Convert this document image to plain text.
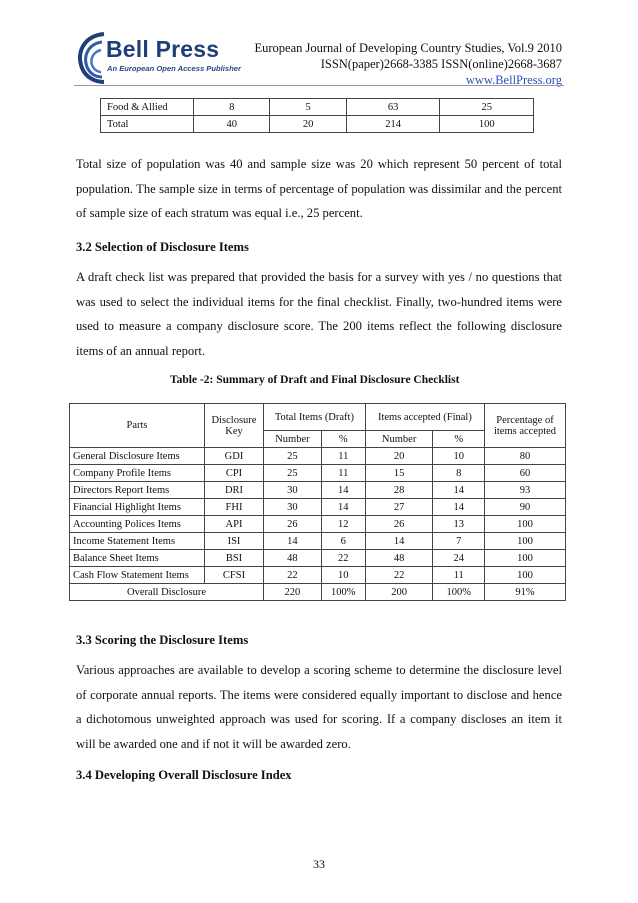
Bell Press
An European Open Access Publisher
European Journal of Developing Country Studies, Vol.9 2010
ISSN(paper)2668-3385 ISSN(online)2668-3687
www.BellPress.org
Food & Allied	8	5	63	25
Total	40	20	214	100

Total size of population was 40 and sample size was 20 which represent 50 percent of total population. The sample size in terms of percentage of population was dissimilar and the percent of sample size of each stratum was equal i.e., 25 percent.

3.2 Selection of Disclosure Items

A draft check list was prepared that provided the basis for a survey with yes / no questions that was used to select the individual items for the final checklist. Finally, two-hundred items were used to measure a company disclosure score. The 200 items reflect the following disclosure items of an annual report.

Table -2: Summary of Draft and Final Disclosure Checklist
Parts	Disclosure Key	Total Items (Draft)		Items accepted (Final)		Percentage of items accepted
		Number	%	Number	%	
General Disclosure Items	GDI	25	11	20	10	80
Company Profile Items	CPI	25	11	15	8	60
Directors Report Items	DRI	30	14	28	14	93
Financial Highlight Items	FHI	30	14	27	14	90
Accounting Polices Items	API	26	12	26	13	100
Income Statement Items	ISI	14	6	14	7	100
Balance Sheet Items	BSI	48	22	48	24	100
Cash Flow Statement Items	CFSI	22	10	22	11	100
Overall Disclosure		220	100%	200	100%	91%

3.3 Scoring the Disclosure Items

Various approaches are available to develop a scoring scheme to determine the disclosure level of corporate annual reports. The items were considered equally important to disclose and hence a dichotomous unweighted approach was used for scoring. If a company discloses an item it will be awarded one and if not it will be awarded zero.

3.4 Developing Overall Disclosure Index

33
